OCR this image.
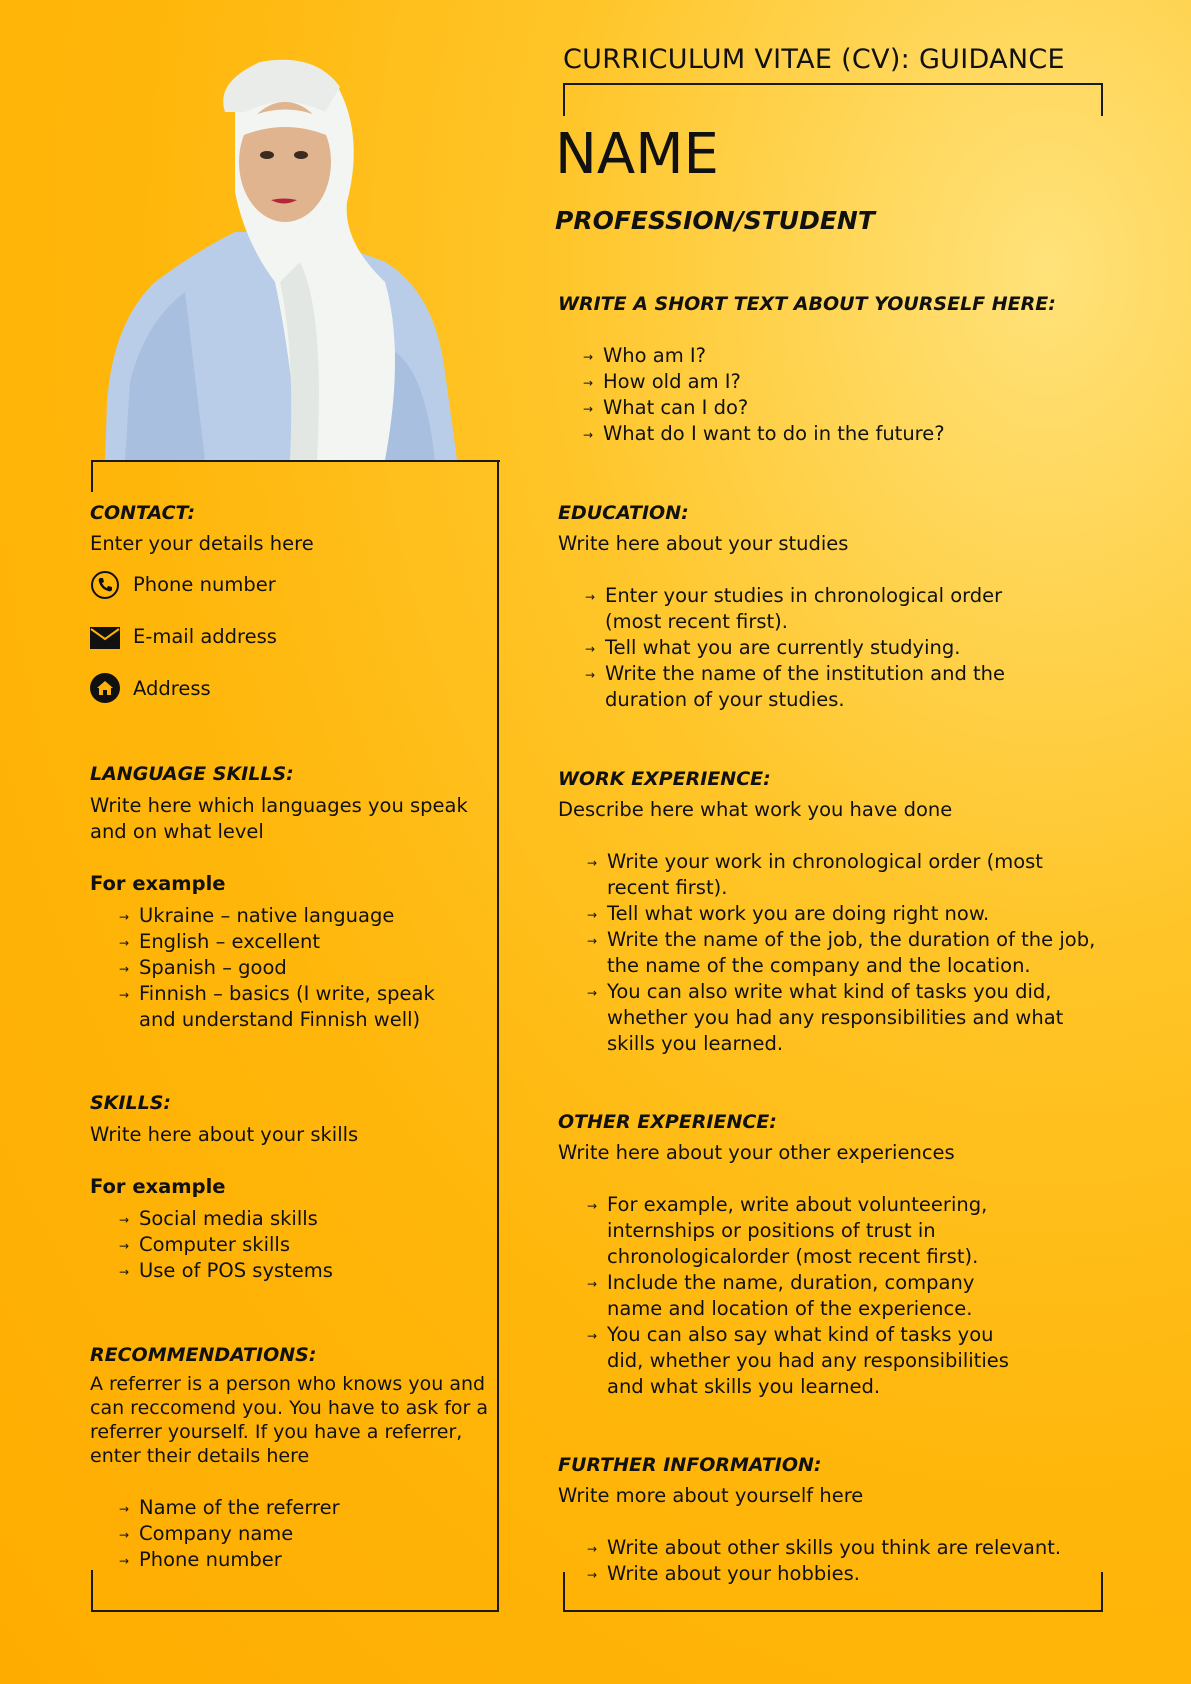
CURRICULUM VITAE (CV): GUIDANCE
NAME
PROFESSION/STUDENT
WRITE A SHORT TEXT ABOUT YOURSELF HERE:
→ Who am I?
→ How old am I?
→ What can I do?
→ What do I want to do in the future?
EDUCATION:
Write here about your studies
→ Enter your studies in chronological order (most recent first).
→ Tell what you are currently studying.
→ Write the name of the institution and the duration of your studies.
WORK EXPERIENCE:
Describe here what work you have done
→ Write your work in chronological order (most recent first).
→ Tell what work you are doing right now.
→ Write the name of the job, the duration of the job, the name of the company and the location.
→ You can also write what kind of tasks you did, whether you had any responsibilities and what skills you learned.
OTHER EXPERIENCE:
Write here about your other experiences
→ For example, write about volunteering, internships or positions of trust in chronologicalorder (most recent first).
→ Include the name, duration, company name and location of the experience.
→ You can also say what kind of tasks you did, whether you had any responsibilities and what skills you learned.
FURTHER INFORMATION:
Write more about yourself here
→ Write about other skills you think are relevant.
→ Write about your hobbies.
CONTACT:
Enter your details here
Phone number
E-mail address
Address
LANGUAGE SKILLS:
Write here which languages you speak and on what level
For example
→ Ukraine – native language
→ English – excellent
→ Spanish – good
→ Finnish – basics (I write, speak and understand Finnish well)
SKILLS:
Write here about your skills
For example
→ Social media skills
→ Computer skills
→ Use of POS systems
RECOMMENDATIONS:
A referrer is a person who knows you and can reccomend you. You have to ask for a referrer yourself. If you have a referrer, enter their details here
→ Name of the referrer
→ Company name
→ Phone number
